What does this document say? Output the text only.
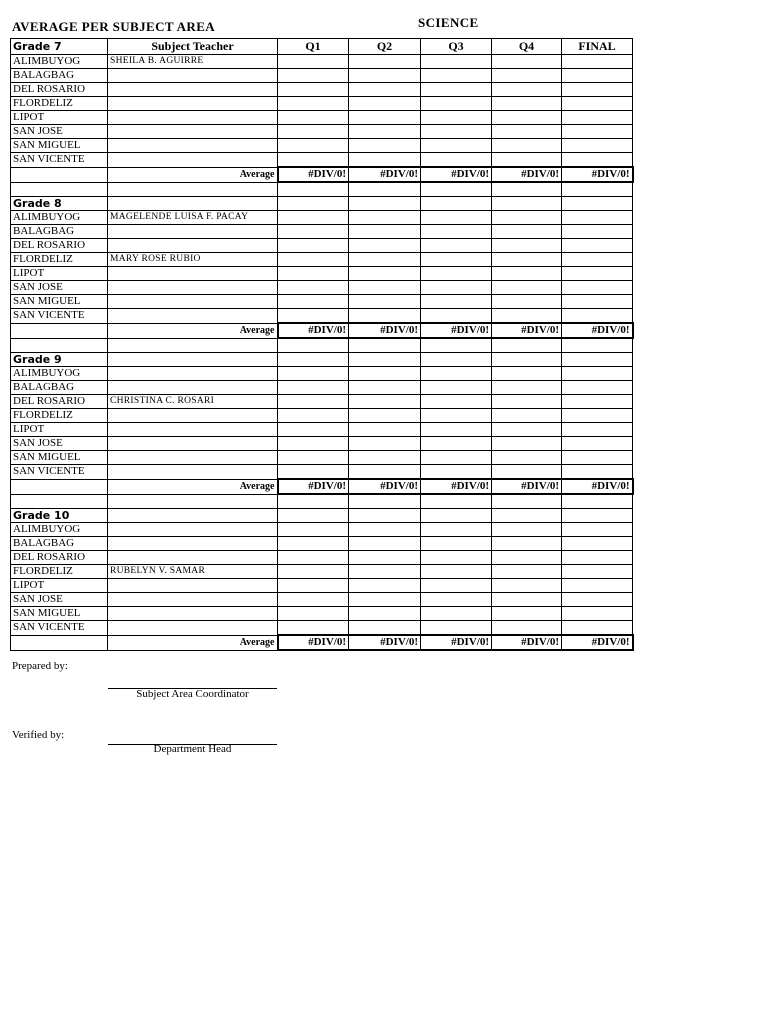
AVERAGE PER SUBJECT AREA	SCIENCE
Grade 7	Subject Teacher	Q1	Q2	Q3	Q4	FINAL
ALIMBUYOG	SHEILA B. AGUIRRE					
BALAGBAG						
DEL ROSARIO						
FLORDELIZ						
LIPOT						
SAN JOSE						
SAN MIGUEL						
SAN VICENTE						
	Average	#DIV/0!	#DIV/0!	#DIV/0!	#DIV/0!	#DIV/0!

Grade 8						
ALIMBUYOG	MAGELENDE LUISA F. PACAY					
BALAGBAG						
DEL ROSARIO						
FLORDELIZ	MARY ROSE RUBIO					
LIPOT						
SAN JOSE						
SAN MIGUEL						
SAN VICENTE						
	Average	#DIV/0!	#DIV/0!	#DIV/0!	#DIV/0!	#DIV/0!

Grade 9						
ALIMBUYOG						
BALAGBAG						
DEL ROSARIO	CHRISTINA C. ROSARI					
FLORDELIZ						
LIPOT						
SAN JOSE						
SAN MIGUEL						
SAN VICENTE						
	Average	#DIV/0!	#DIV/0!	#DIV/0!	#DIV/0!	#DIV/0!

Grade 10						
ALIMBUYOG						
BALAGBAG						
DEL ROSARIO						
FLORDELIZ	RUBELYN V. SAMAR					
LIPOT						
SAN JOSE						
SAN MIGUEL						
SAN VICENTE						
	Average	#DIV/0!	#DIV/0!	#DIV/0!	#DIV/0!	#DIV/0!
Prepared by:
Subject Area Coordinator
Verified by:
Department Head
